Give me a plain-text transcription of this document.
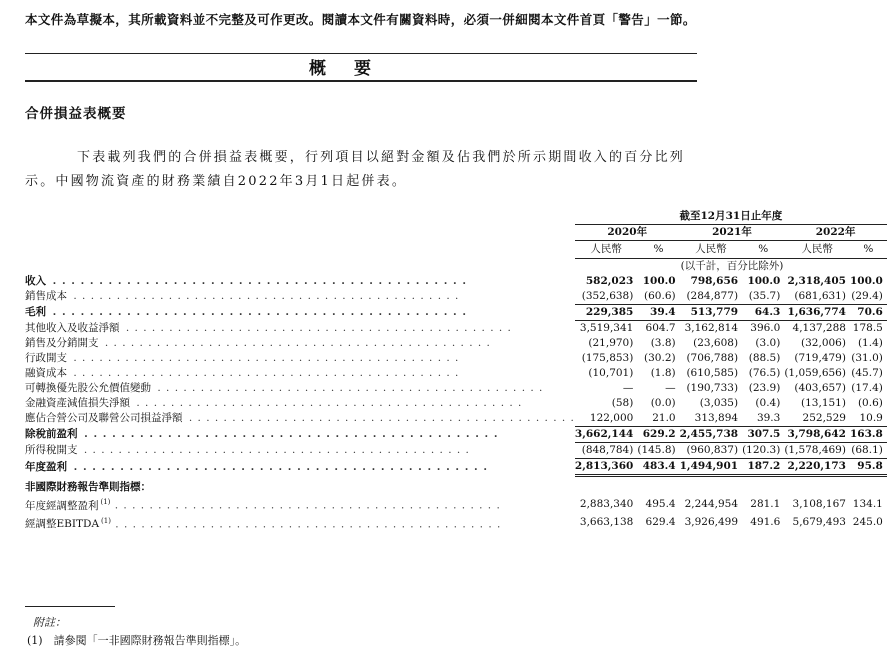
本文件為草擬本，其所載資料並不完整及可作更改。閱讀本文件有關資料時，必須一併細閱本文件首頁「警告」一節。
概要
合併損益表概要
下表載列我們的合併損益表概要，行列項目以絕對金額及佔我們於所示期間收入的百分比列示。中國物流資產的財務業績自2022年3月1日起併表。
		截至12月31日止年度					
		2020年		2021年		2022年	
		人民幣	%		人民幣	%		人民幣	%
					(以千計，百分比除外)			
收入 . . . . . . . . . . . . . . . . . . . . . . . . . . . . . . . . . . . . . . . . . . . . .		582,023	100.0		798,656	100.0		2,318,405	100.0
銷售成本 . . . . . . . . . . . . . . . . . . . . . . . . . . . . . . . . . . . . . . . . . . . . .		(352,638)	(60.6)		(284,877)	(35.7)		(681,631)	(29.4)
毛利 . . . . . . . . . . . . . . . . . . . . . . . . . . . . . . . . . . . . . . . . . . . . .		229,385	39.4		513,779	64.3		1,636,774	70.6
其他收入及收益淨額 . . . . . . . . . . . . . . . . . . . . . . . . . . . . . . . . . . . . . . . . . . . . .		3,519,341	604.7		3,162,814	396.0		4,137,288	178.5
銷售及分銷開支 . . . . . . . . . . . . . . . . . . . . . . . . . . . . . . . . . . . . . . . . . . . . .		(21,970)	(3.8)		(23,608)	(3.0)		(32,006)	(1.4)
行政開支 . . . . . . . . . . . . . . . . . . . . . . . . . . . . . . . . . . . . . . . . . . . . .		(175,853)	(30.2)		(706,788)	(88.5)		(719,479)	(31.0)
融資成本 . . . . . . . . . . . . . . . . . . . . . . . . . . . . . . . . . . . . . . . . . . . . .		(10,701)	(1.8)		(610,585)	(76.5)		(1,059,656)	(45.7)
可轉換優先股公允價值變動 . . . . . . . . . . . . . . . . . . . . . . . . . . . . . . . . . . . . . . . . . . . . .		—	—		(190,733)	(23.9)		(403,657)	(17.4)
金融資產減值損失淨額 . . . . . . . . . . . . . . . . . . . . . . . . . . . . . . . . . . . . . . . . . . . . .		(58)	(0.0)		(3,035)	(0.4)		(13,151)	(0.6)
應佔合營公司及聯營公司損益淨額 . . . . . . . . . . . . . . . . . . . . . . . . . . . . . . . . . . . . . . . . . . . . .		122,000	21.0		313,894	39.3		252,529	10.9
除稅前盈利 . . . . . . . . . . . . . . . . . . . . . . . . . . . . . . . . . . . . . . . . . . . . .		3,662,144	629.2		2,455,738	307.5		3,798,642	163.8
所得稅開支 . . . . . . . . . . . . . . . . . . . . . . . . . . . . . . . . . . . . . . . . . . . . .		(848,784)	(145.8)		(960,837)	(120.3)		(1,578,469)	(68.1)
年度盈利 . . . . . . . . . . . . . . . . . . . . . . . . . . . . . . . . . . . . . . . . . . . . .		2,813,360	483.4		1,494,901	187.2		2,220,173	95.8
非國際財務報告準則指標：						
年度經調整盈利 $^{(1)}$ . . . . . . . . . . . . . . . . . . . . . . . . . . . . . . . . . . . . . . . . . . . . .		2,883,340	495.4		2,244,954	281.1		3,108,167	134.1
經調整EBITDA $^{(1)}$ . . . . . . . . . . . . . . . . . . . . . . . . . . . . . . . . . . . . . . . . . . . . .		3,663,138	629.4		3,926,499	491.6		5,679,493	245.0
附註：
(1)　請參閱「一非國際財務報告準則指標」。
